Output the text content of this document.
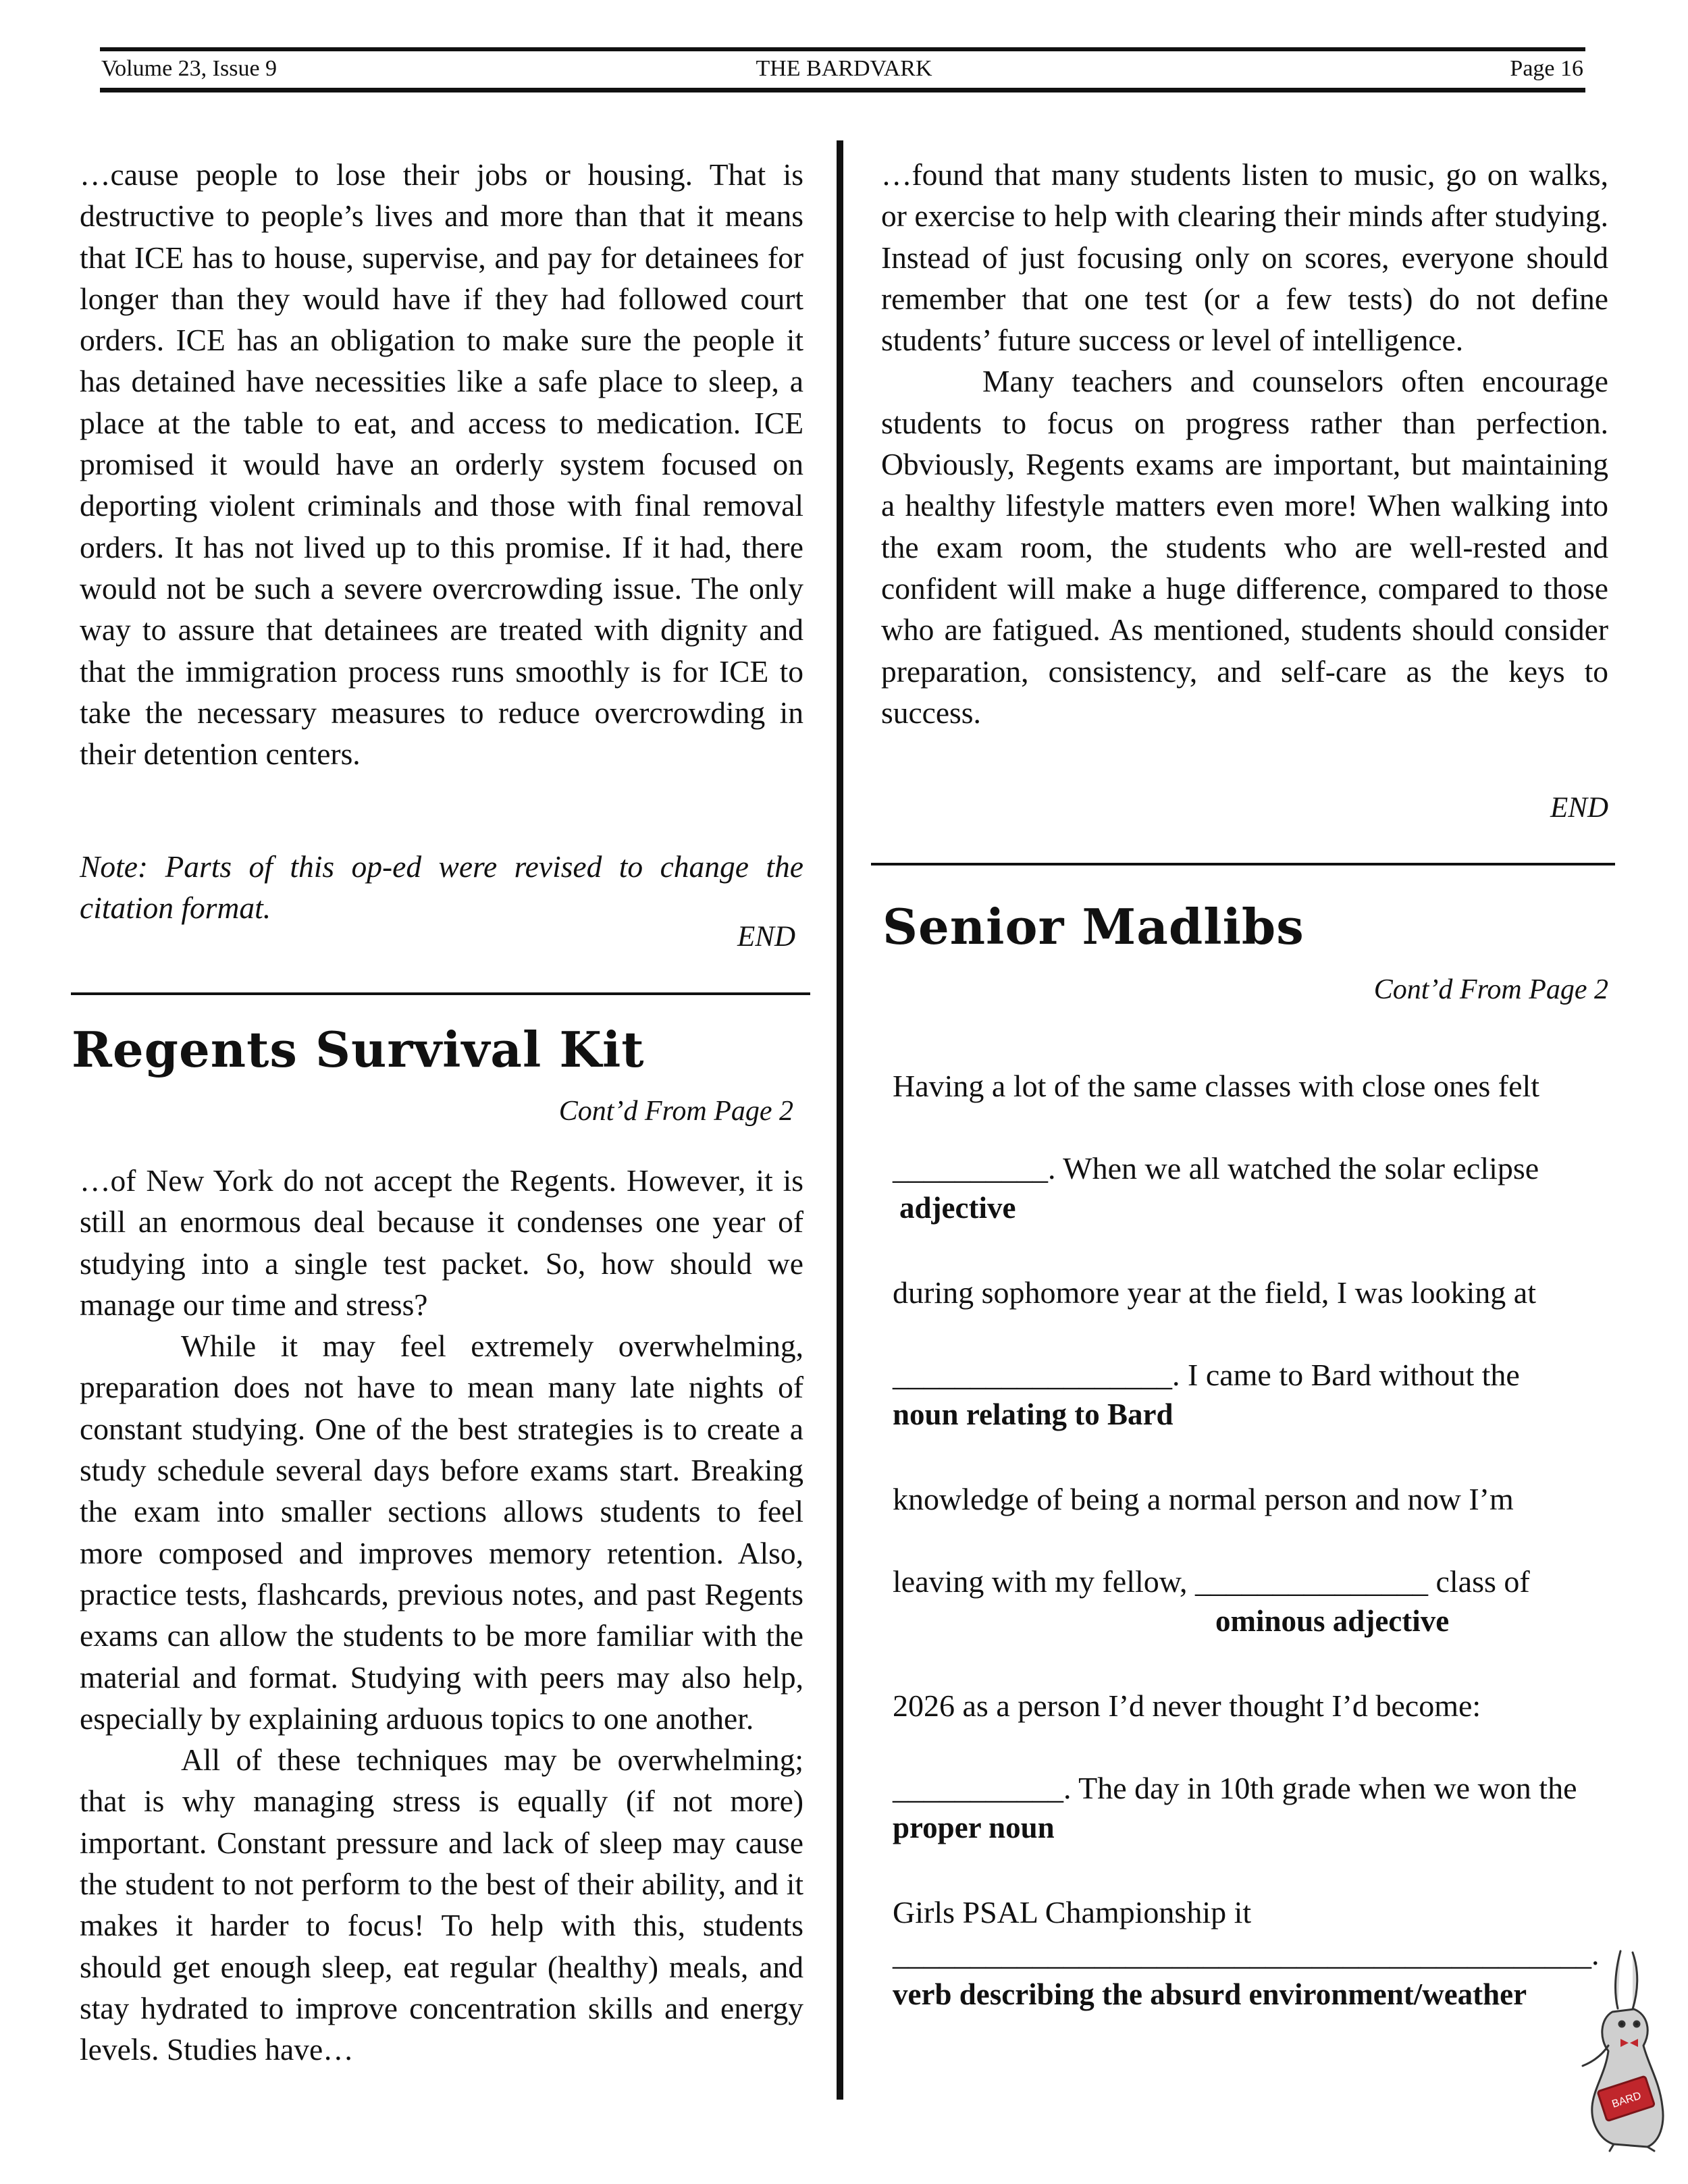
Volume 23, Issue 9	THE BARDVARK	Page 16

…cause people to lose their jobs or housing. That is destructive to people’s lives and more than that it means that ICE has to house, supervise, and pay for detainees for longer than they would have if they had followed court orders. ICE has an obligation to make sure the people it has detained have necessities like a safe place to sleep, a place at the table to eat, and access to medication. ICE promised it would have an orderly system focused on deporting violent criminals and those with final removal orders. It has not lived up to this promise. If it had, there would not be such a severe overcrowding issue. The only way to assure that detainees are treated with dignity and that the immigration process runs smoothly is for ICE to take the necessary measures to reduce overcrowding in their detention centers.

Note: Parts of this op-ed were revised to change the citation format.

END

Regents Survival Kit
Cont’d From Page 2

…of New York do not accept the Regents. However, it is still an enormous deal because it condenses one year of studying into a single test packet. So, how should we manage our time and stress?

While it may feel extremely overwhelming, preparation does not have to mean many late nights of constant studying. One of the best strategies is to create a study schedule several days before exams start. Breaking the exam into smaller sections allows students to feel more composed and improves memory retention. Also, practice tests, flashcards, previous notes, and past Regents exams can allow the students to be more familiar with the material and format. Studying with peers may also help, especially by explaining arduous topics to one another.

All of these techniques may be overwhelming; that is why managing stress is equally (if not more) important. Constant pressure and lack of sleep may cause the student to not perform to the best of their ability, and it makes it harder to focus! To help with this, students should get enough sleep, eat regular (healthy) meals, and stay hydrated to improve concentration skills and energy levels. Studies have…

…found that many students listen to music, go on walks, or exercise to help with clearing their minds after studying. Instead of just focusing only on scores, everyone should remember that one test (or a few tests) do not define students’ future success or level of intelligence.

Many teachers and counselors often encourage students to focus on progress rather than perfection. Obviously, Regents exams are important, but maintaining a healthy lifestyle matters even more! When walking into the exam room, the students who are well-rested and confident will make a huge difference, compared to those who are fatigued. As mentioned, students should consider preparation, consistency, and self-care as the keys to success.

END

Senior Madlibs
Cont’d From Page 2
Having a lot of the same classes with close ones felt
__________. When we all watched the solar eclipse
adjective
during sophomore year at the field, I was looking at
__________________. I came to Bard without the
noun relating to Bard
knowledge of being a normal person and now I’m
leaving with my fellow, _______________ class of
ominous adjective
2026 as a person I’d never thought I’d become:
___________. The day in 10th grade when we won the
proper noun
Girls PSAL Championship it
_____________________________________________.
verb describing the absurd environment/weather
BARD
